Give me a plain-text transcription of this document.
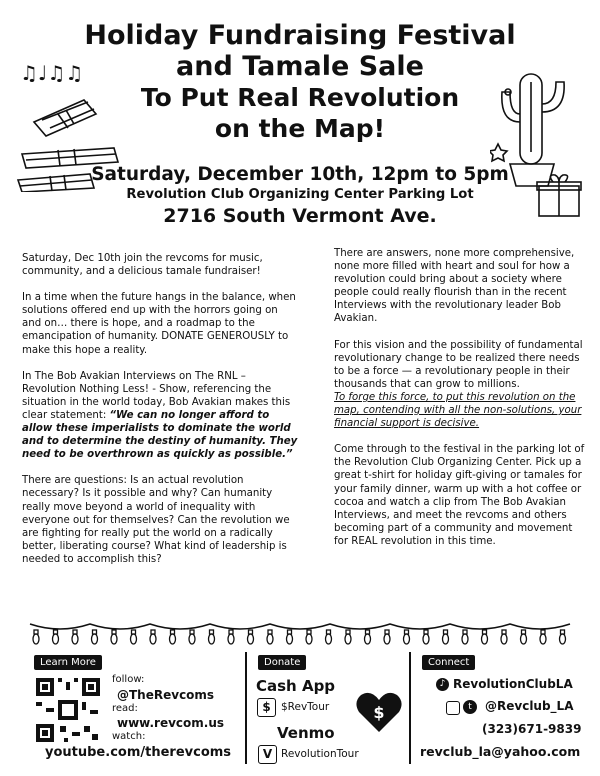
♫♩♫♫
Holiday Fundraising Festival
and Tamale Sale
To Put Real Revolution
on the Map!
Saturday, December 10th, 12pm to 5pm
Revolution Club Organizing Center Parking Lot
2716 South Vermont Ave.

Saturday, Dec 10th join the revcoms for music, community, and a delicious tamale fundraiser!

In a time when the future hangs in the balance, when solutions offered end up with the horrors going on and on… there is hope, and a roadmap to the emancipation of humanity. DONATE GENEROUSLY to make this hope a reality.

In The Bob Avakian Interviews on The RNL – Revolution Nothing Less! - Show, referencing the situation in the world today, Bob Avakian makes this clear statement: “We can no longer afford to allow these imperialists to dominate the world and to determine the destiny of humanity. They need to be overthrown as quickly as possible.”

There are questions: Is an actual revolution necessary? Is it possible and why? Can humanity really move beyond a world of inequality with everyone out for themselves? Can the revolution we are fighting for really put the world on a radically better, liberating course? What kind of leadership is needed to accomplish this?

There are answers, none more comprehensive, none more filled with heart and soul for how a revolution could bring about a society where people could really flourish than in the recent Interviews with the revolutionary leader Bob Avakian.

For this vision and the possibility of fundamental revolutionary change to be realized there needs to be a force — a revolutionary people in their thousands that can grow to millions.

To forge this force, to put this revolution on the map, contending with all the non-solutions, your financial support is decisive.

Come through to the festival in the parking lot of the Revolution Club Organizing Center. Pick up a great t-shirt for holiday gift-giving or tamales for your family dinner, warm up with a hot coffee or cocoa and watch a clip from The Bob Avakian Interviews, and meet the revcoms and others becoming part of a community and movement for REAL revolution in this time.

Learn More
follow:
@TheRevcoms
read:
www.revcom.us
watch:
youtube.com/therevcoms
Donate
Cash App
$ $RevTour
Venmo
V RevolutionTour
$
Connect
♪ RevolutionClubLA
t	@Revclub_LA
(323)671-9839
revclub_la@yahoo.com
